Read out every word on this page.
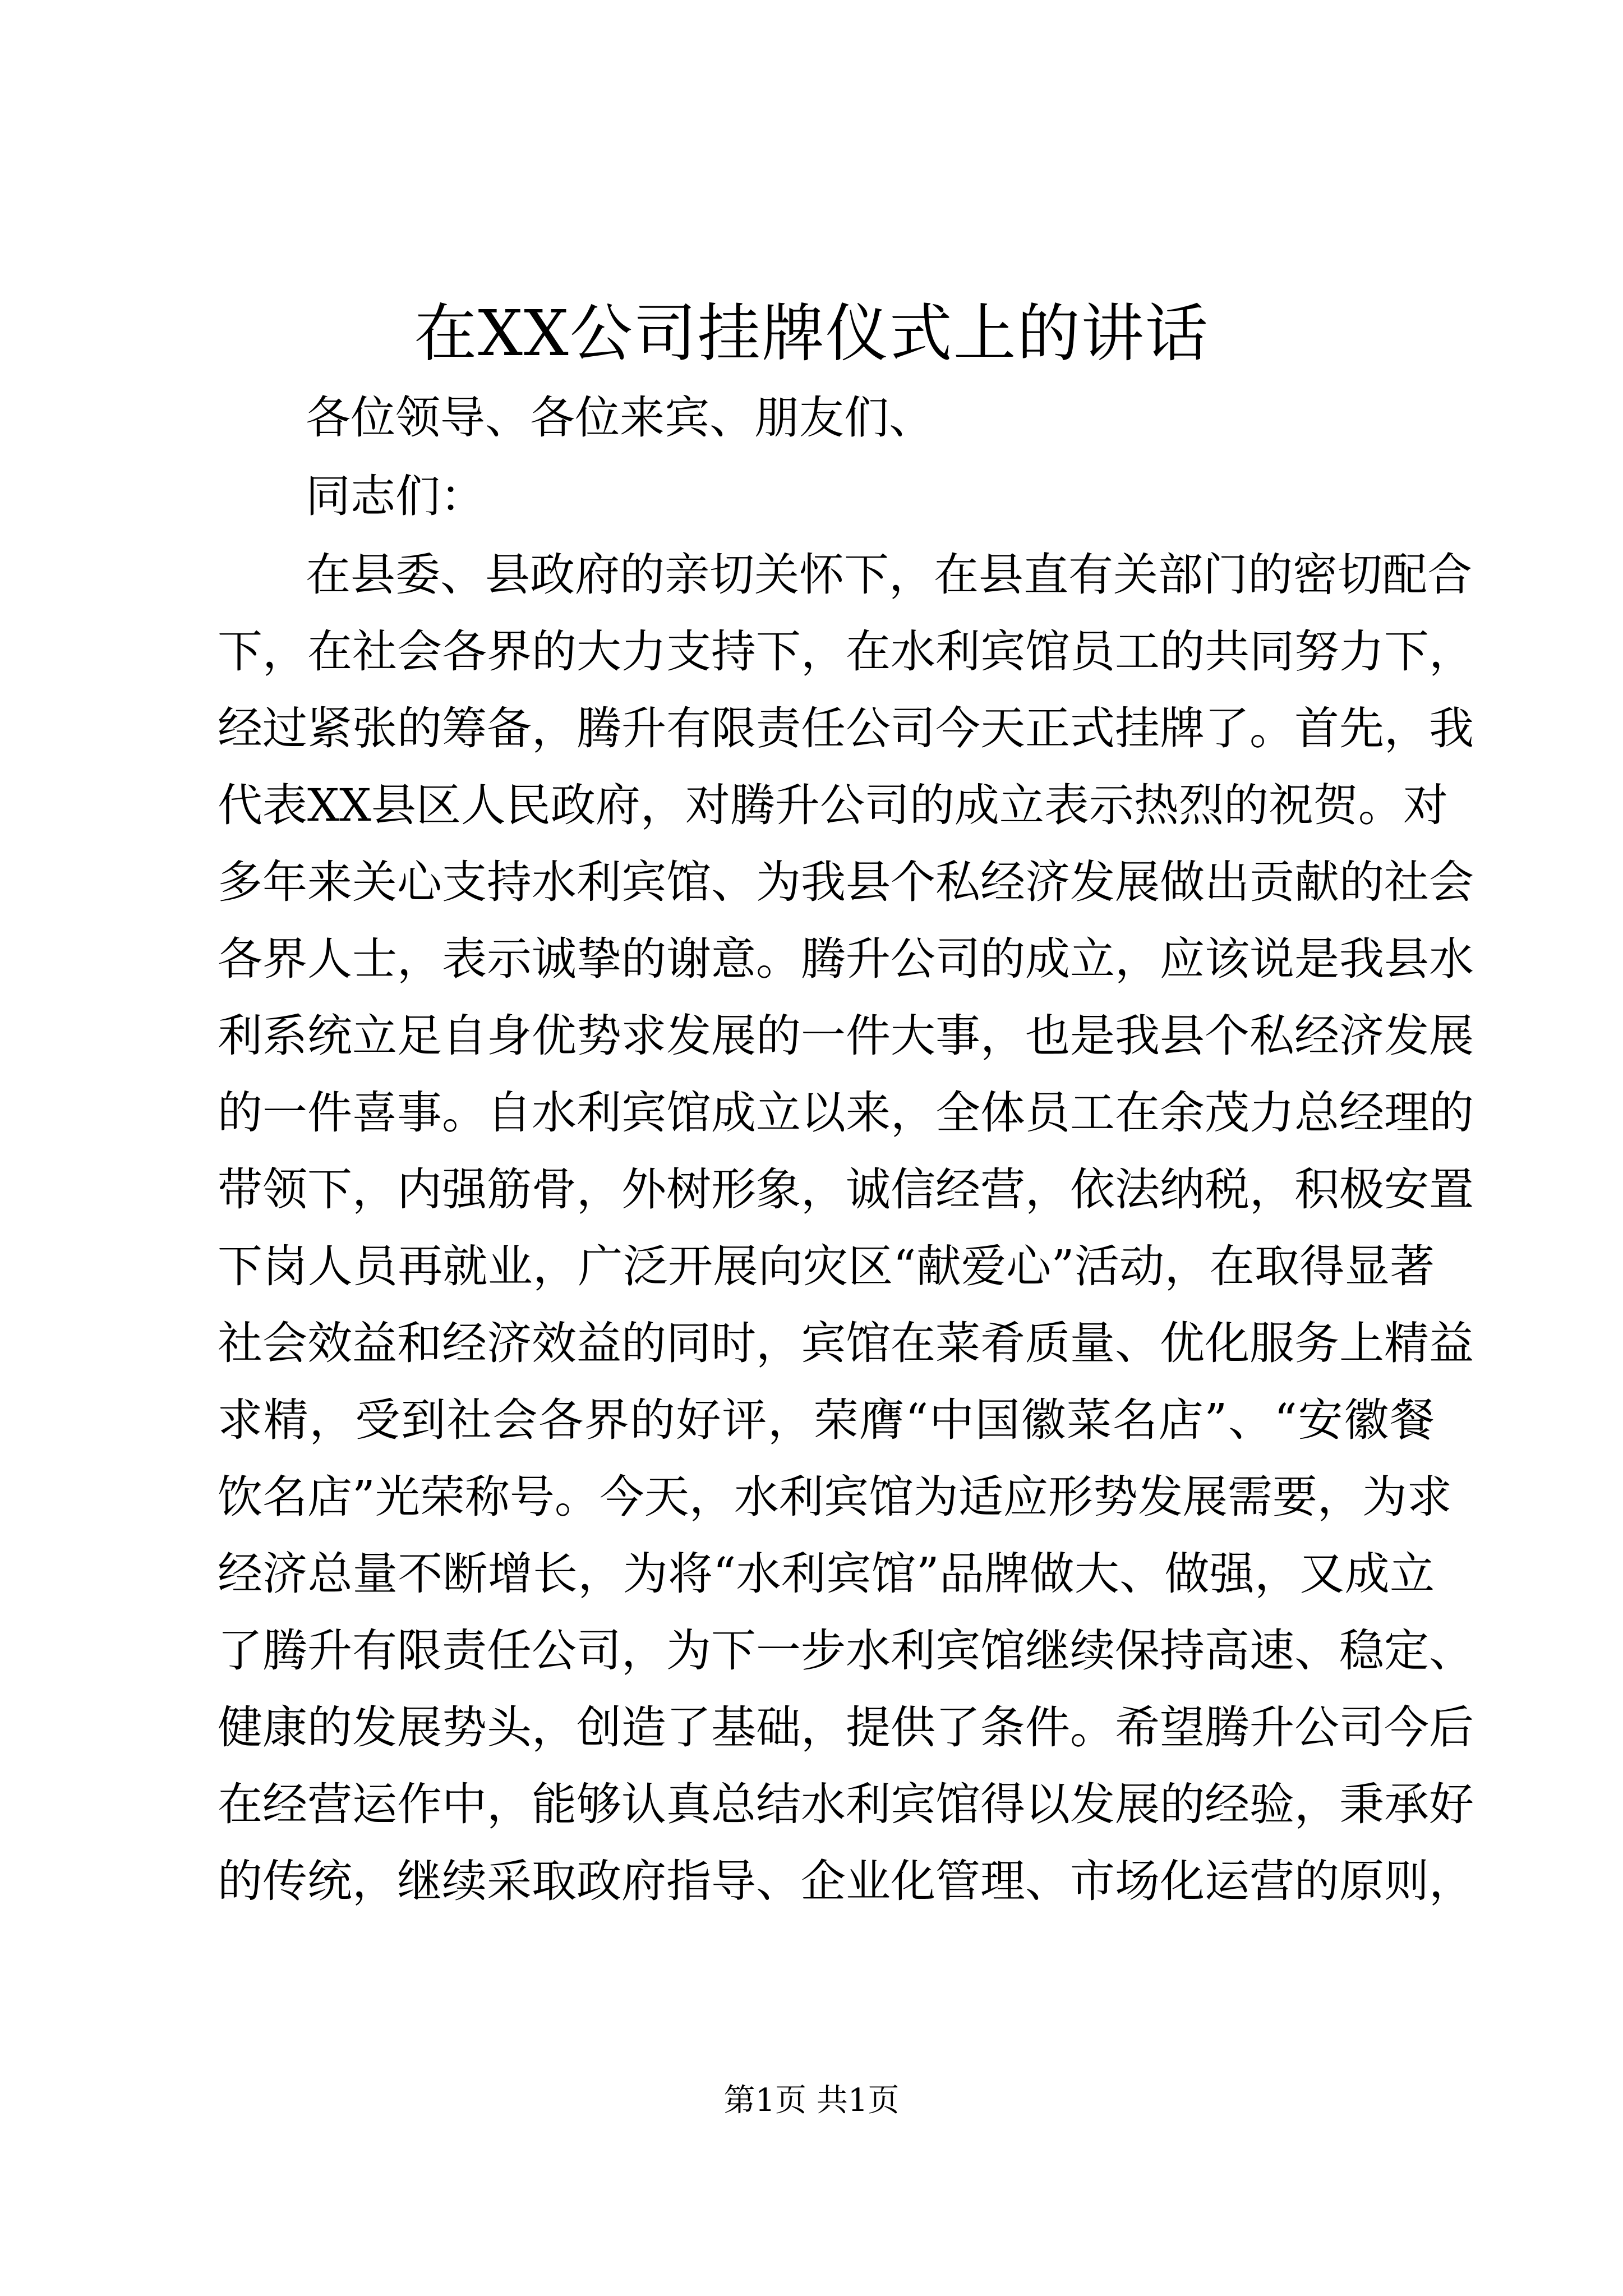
在XX公司挂牌仪式上的讲话

各位领导、各位来宾、朋友们、

同志们：

在县委、县政府的亲切关怀下，在县直有关部门的密切配合

下，在社会各界的大力支持下，在水利宾馆员工的共同努力下，

经过紧张的筹备，腾升有限责任公司今天正式挂牌了。首先，我

代表XX县区人民政府，对腾升公司的成立表示热烈的祝贺。对

多年来关心支持水利宾馆、为我县个私经济发展做出贡献的社会

各界人士，表示诚挚的谢意。腾升公司的成立，应该说是我县水

利系统立足自身优势求发展的一件大事，也是我县个私经济发展

的一件喜事。自水利宾馆成立以来，全体员工在余茂力总经理的

带领下，内强筋骨，外树形象，诚信经营，依法纳税，积极安置

下岗人员再就业，广泛开展向灾区“献爱心”活动，在取得显著

社会效益和经济效益的同时，宾馆在菜肴质量、优化服务上精益

求精，受到社会各界的好评，荣膺“中国徽菜名店”、“安徽餐

饮名店”光荣称号。今天，水利宾馆为适应形势发展需要，为求

经济总量不断增长，为将“水利宾馆”品牌做大、做强，又成立

了腾升有限责任公司，为下一步水利宾馆继续保持高速、稳定、

健康的发展势头，创造了基础，提供了条件。希望腾升公司今后

在经营运作中，能够认真总结水利宾馆得以发展的经验，秉承好

的传统，继续采取政府指导、企业化管理、市场化运营的原则，

第1页 共1页
